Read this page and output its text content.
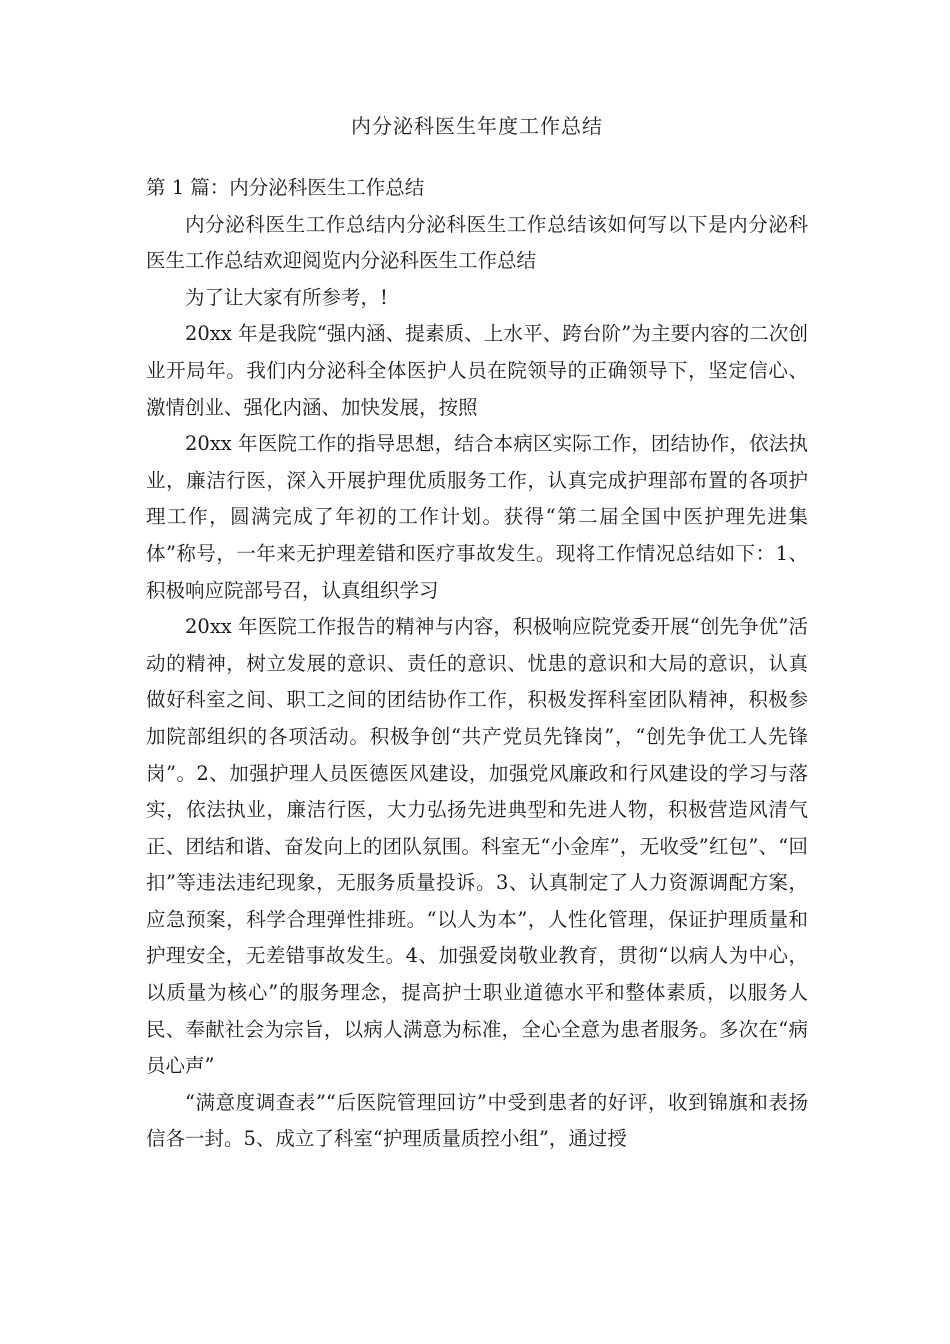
内分泌科医生年度工作总结

第 1 篇：内分泌科医生工作总结

内分泌科医生工作总结内分泌科医生工作总结该如何写以下是内分泌科医生工作总结欢迎阅览内分泌科医生工作总结

为了让大家有所参考，!

20xx 年是我院“强内涵、提素质、上水平、跨台阶”为主要内容的二次创业开局年。我们内分泌科全体医护人员在院领导的正确领导下，坚定信心、激情创业、强化内涵、加快发展，按照

20xx 年医院工作的指导思想，结合本病区实际工作，团结协作，依法执业，廉洁行医，深入开展护理优质服务工作，认真完成护理部布置的各项护理工作，圆满完成了年初的工作计划。获得“第二届全国中医护理先进集体”称号，一年来无护理差错和医疗事故发生。现将工作情况总结如下：1、积极响应院部号召，认真组织学习

20xx 年医院工作报告的精神与内容，积极响应院党委开展“创先争优”活动的精神，树立发展的意识、责任的意识、忧患的意识和大局的意识，认真做好科室之间、职工之间的团结协作工作，积极发挥科室团队精神，积极参加院部组织的各项活动。积极争创“共产党员先锋岗”，“创先争优工人先锋岗”。2、加强护理人员医德医风建设，加强党风廉政和行风建设的学习与落实，依法执业，廉洁行医，大力弘扬先进典型和先进人物，积极营造风清气正、团结和谐、奋发向上的团队氛围。科室无“小金库”，无收受”红包”、“回扣”等违法违纪现象，无服务质量投诉。3、认真制定了人力资源调配方案，应急预案，科学合理弹性排班。“以人为本”，人性化管理，保证护理质量和护理安全，无差错事故发生。4、加强爱岗敬业教育，贯彻“以病人为中心，以质量为核心”的服务理念，提高护士职业道德水平和整体素质，以服务人民、奉献社会为宗旨，以病人满意为标准，全心全意为患者服务。多次在“病员心声”

“满意度调查表”“后医院管理回访”中受到患者的好评，收到锦旗和表扬信各一封。5、成立了科室“护理质量质控小组”，通过授
